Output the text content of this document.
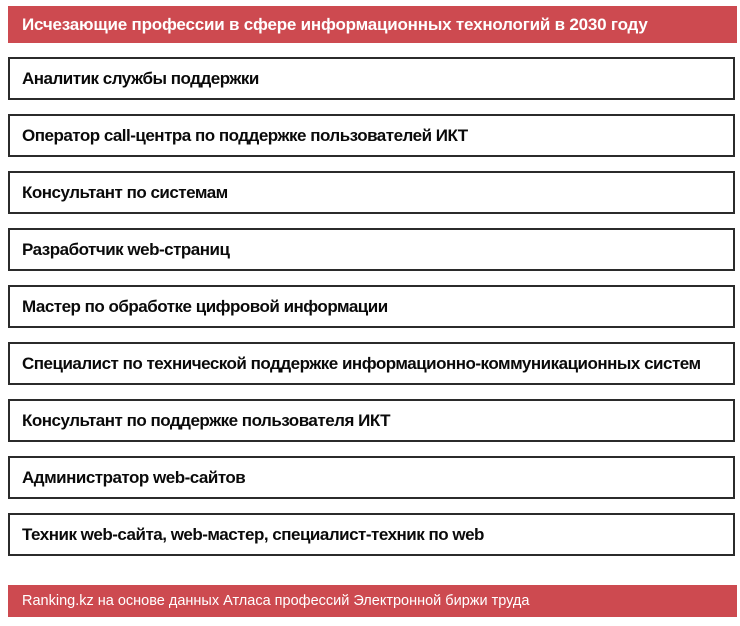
Исчезающие профессии в сфере информационных технологий в 2030 году
Аналитик службы поддержки
Оператор call-центра по поддержке пользователей ИКТ
Консультант по системам
Разработчик web-страниц
Мастер по обработке цифровой информации
Специалист по технической поддержке информационно-коммуникационных систем
Консультант по поддержке пользователя ИКТ
Администратор web-сайтов
Техник web-сайта, web-мастер, специалист-техник по web
Ranking.kz на основе данных Атласа профессий Электронной биржи труда
